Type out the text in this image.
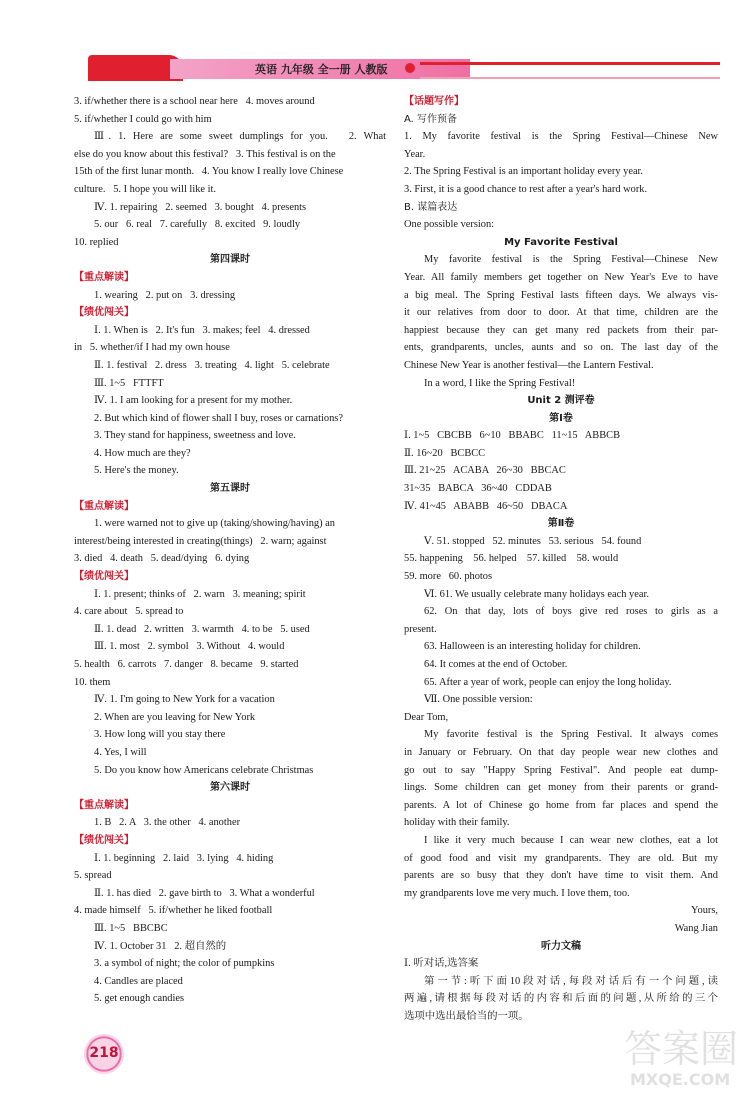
英语 九年级 全一册 人教版
3. if/whether there is a school near here   4. moves around
5. if/whether I could go with him
Ⅲ. 1. Here are some sweet dumplings for you.   2. What
else do you know about this festival?   3. This festival is on the
15th of the first lunar month.   4. You know I really love Chinese
culture.   5. I hope you will like it.
Ⅳ. 1. repairing   2. seemed   3. bought   4. presents
5. our   6. real   7. carefully   8. excited   9. loudly
10. replied
第四课时
【重点解读】
1. wearing   2. put on   3. dressing
【绩优闯关】
Ⅰ. 1. When is   2. It's fun   3. makes; feel   4. dressed
in   5. whether/if I had my own house
Ⅱ. 1. festival   2. dress   3. treating   4. light   5. celebrate
Ⅲ. 1~5   FTTFT
Ⅳ. 1. I am looking for a present for my mother.
2. But which kind of flower shall I buy, roses or carnations?
3. They stand for happiness, sweetness and love.
4. How much are they?
5. Here's the money.
第五课时
【重点解读】
1. were warned not to give up (taking/showing/having) an
interest/being interested in creating(things)   2. warn; against
3. died   4. death   5. dead/dying   6. dying
【绩优闯关】
Ⅰ. 1. present; thinks of   2. warn   3. meaning; spirit
4. care about   5. spread to
Ⅱ. 1. dead   2. written   3. warmth   4. to be   5. used
Ⅲ. 1. most   2. symbol   3. Without   4. would
5. health   6. carrots   7. danger   8. became   9. started
10. them
Ⅳ. 1. I'm going to New York for a vacation
2. When are you leaving for New York
3. How long will you stay there
4. Yes, I will
5. Do you know how Americans celebrate Christmas
第六课时
【重点解读】
1. B   2. A   3. the other   4. another
【绩优闯关】
Ⅰ. 1. beginning   2. laid   3. lying   4. hiding
5. spread
Ⅱ. 1. has died   2. gave birth to   3. What a wonderful
4. made himself   5. if/whether he liked football
Ⅲ. 1~5   BBCBC
Ⅳ. 1. October 31   2. 超自然的
3. a symbol of night; the color of pumpkins
4. Candles are placed
5. get enough candies
【话题写作】
A. 写作预备
1. My favorite festival is the Spring Festival—Chinese New
Year.
2. The Spring Festival is an important holiday every year.
3. First, it is a good chance to rest after a year's hard work.
B. 谋篇表达
One possible version:
My Favorite Festival
My favorite festival is the Spring Festival—Chinese New
Year. All family members get together on New Year's Eve to have
a big meal. The Spring Festival lasts fifteen days. We always vis-
it our relatives from door to door. At that time, children are the
happiest because they can get many red packets from their par-
ents, grandparents, uncles, aunts and so on. The last day of the
Chinese New Year is another festival—the Lantern Festival.
In a word, I like the Spring Festival!
Unit 2 测评卷
第Ⅰ卷
Ⅰ. 1~5   CBCBB   6~10   BBABC   11~15   ABBCB
Ⅱ. 16~20   BCBCC
Ⅲ. 21~25   ACABA   26~30   BBCAC
31~35   BABCA   36~40   CDDAB
Ⅳ. 41~45   ABABB   46~50   DBACA
第Ⅱ卷
Ⅴ. 51. stopped   52. minutes   53. serious   54. found
55. happening    56. helped    57. killed    58. would
59. more   60. photos
Ⅵ. 61. We usually celebrate many holidays each year.
62. On that day, lots of boys give red roses to girls as a
present.
63. Halloween is an interesting holiday for children.
64. It comes at the end of October.
65. After a year of work, people can enjoy the long holiday.
Ⅶ. One possible version:
Dear Tom,
My favorite festival is the Spring Festival. It always comes
in January or February. On that day people wear new clothes and
go out to say "Happy Spring Festival". And people eat dump-
lings. Some children can get money from their parents or grand-
parents. A lot of Chinese go home from far places and spend the
holiday with their family.
I like it very much because I can wear new clothes, eat a lot
of good food and visit my grandparents. They are old. But my
parents are so busy that they don't have time to visit them. And
my grandparents love me very much. I love them, too.
Yours,
Wang Jian
听力文稿
Ⅰ. 听对话,选答案
第一节:听下面10段对话,每段对话后有一个问题,读
两遍,请根据每段对话的内容和后面的问题,从所给的三个
选项中选出最恰当的一项。
218	答案圈
MXQE.COM
